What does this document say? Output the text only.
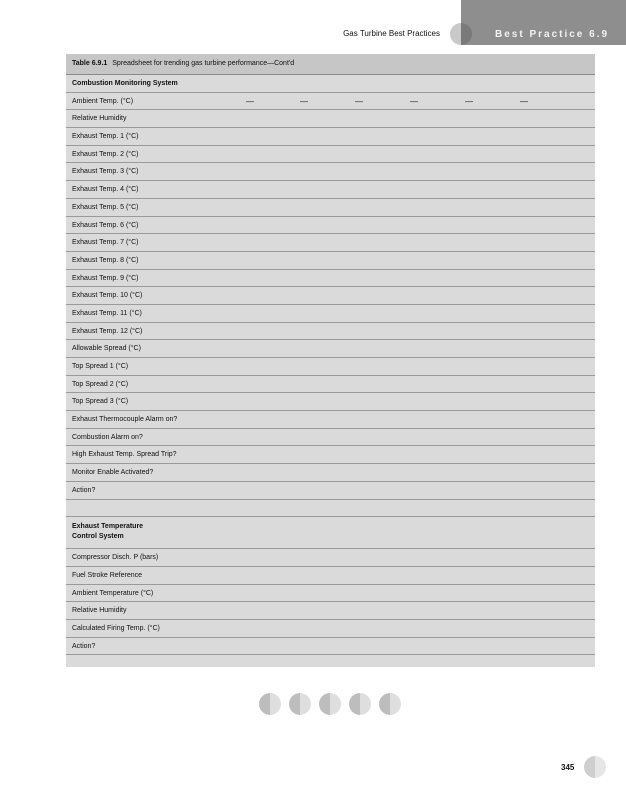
Gas Turbine Best Practices	Best Practice 6.9
Table 6.9.1 Spreadsheet for trending gas turbine performance—Cont'd
Combustion Monitoring System
Ambient Temp. (°C)	—	—	—	—	—	—
Relative Humidity
Exhaust Temp. 1 (°C)
Exhaust Temp. 2 (°C)
Exhaust Temp. 3 (°C)
Exhaust Temp. 4 (°C)
Exhaust Temp. 5 (°C)
Exhaust Temp. 6 (°C)
Exhaust Temp. 7 (°C)
Exhaust Temp. 8 (°C)
Exhaust Temp. 9 (°C)
Exhaust Temp. 10 (°C)
Exhaust Temp. 11 (°C)
Exhaust Temp. 12 (°C)
Allowable Spread (°C)
Top Spread 1 (°C)
Top Spread 2 (°C)
Top Spread 3 (°C)
Exhaust Thermocouple Alarm on?
Combustion Alarm on?
High Exhaust Temp. Spread Trip?
Monitor Enable Activated?
Action?
Exhaust Temperature
Control System
Compressor Disch. P (bars)
Fuel Stroke Reference
Ambient Temperature (°C)
Relative Humidity
Calculated Firing Temp. (°C)
Action?
345
